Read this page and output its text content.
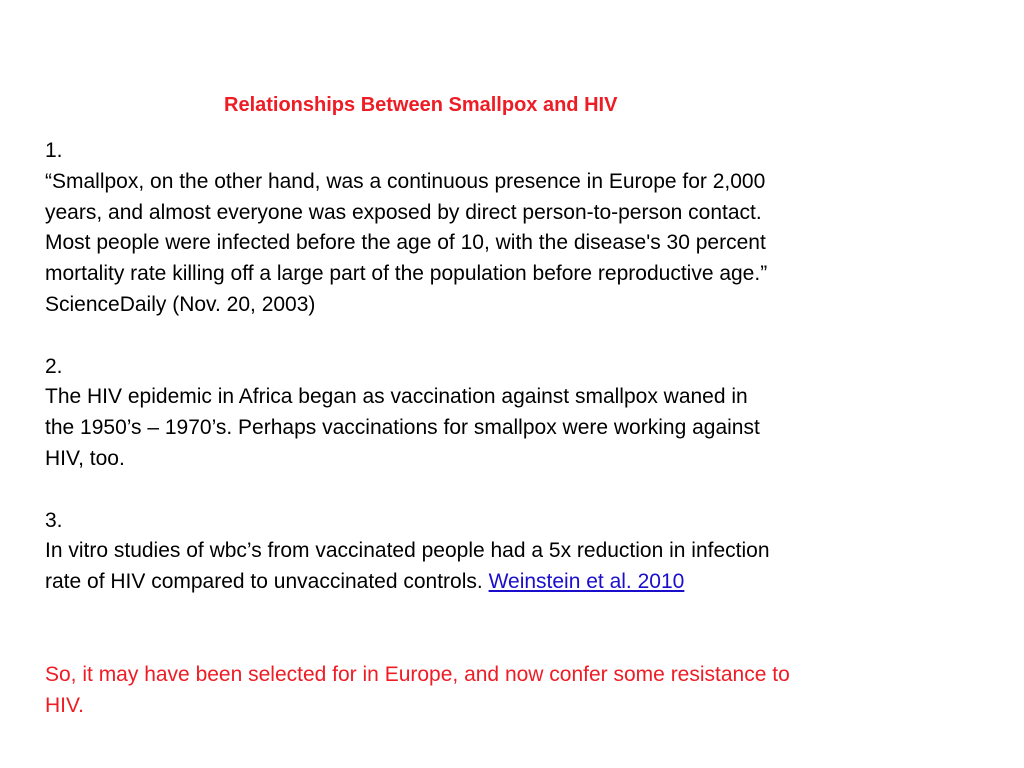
Relationships Between Smallpox and HIV
1.
“Smallpox, on the other hand, was a continuous presence in Europe for 2,000
years, and almost everyone was exposed by direct person-to-person contact.
Most people were infected before the age of 10, with the disease's 30 percent
mortality rate killing off a large part of the population before reproductive age.”
ScienceDaily (Nov. 20, 2003)
2.
The HIV epidemic in Africa began as vaccination against smallpox waned in
the 1950’s – 1970’s. Perhaps vaccinations for smallpox were working against
HIV, too.
3.
In vitro studies of wbc’s from vaccinated people had a 5x reduction in infection
rate of HIV compared to unvaccinated controls. Weinstein et al. 2010
So, it may have been selected for in Europe, and now confer some resistance to
HIV.
